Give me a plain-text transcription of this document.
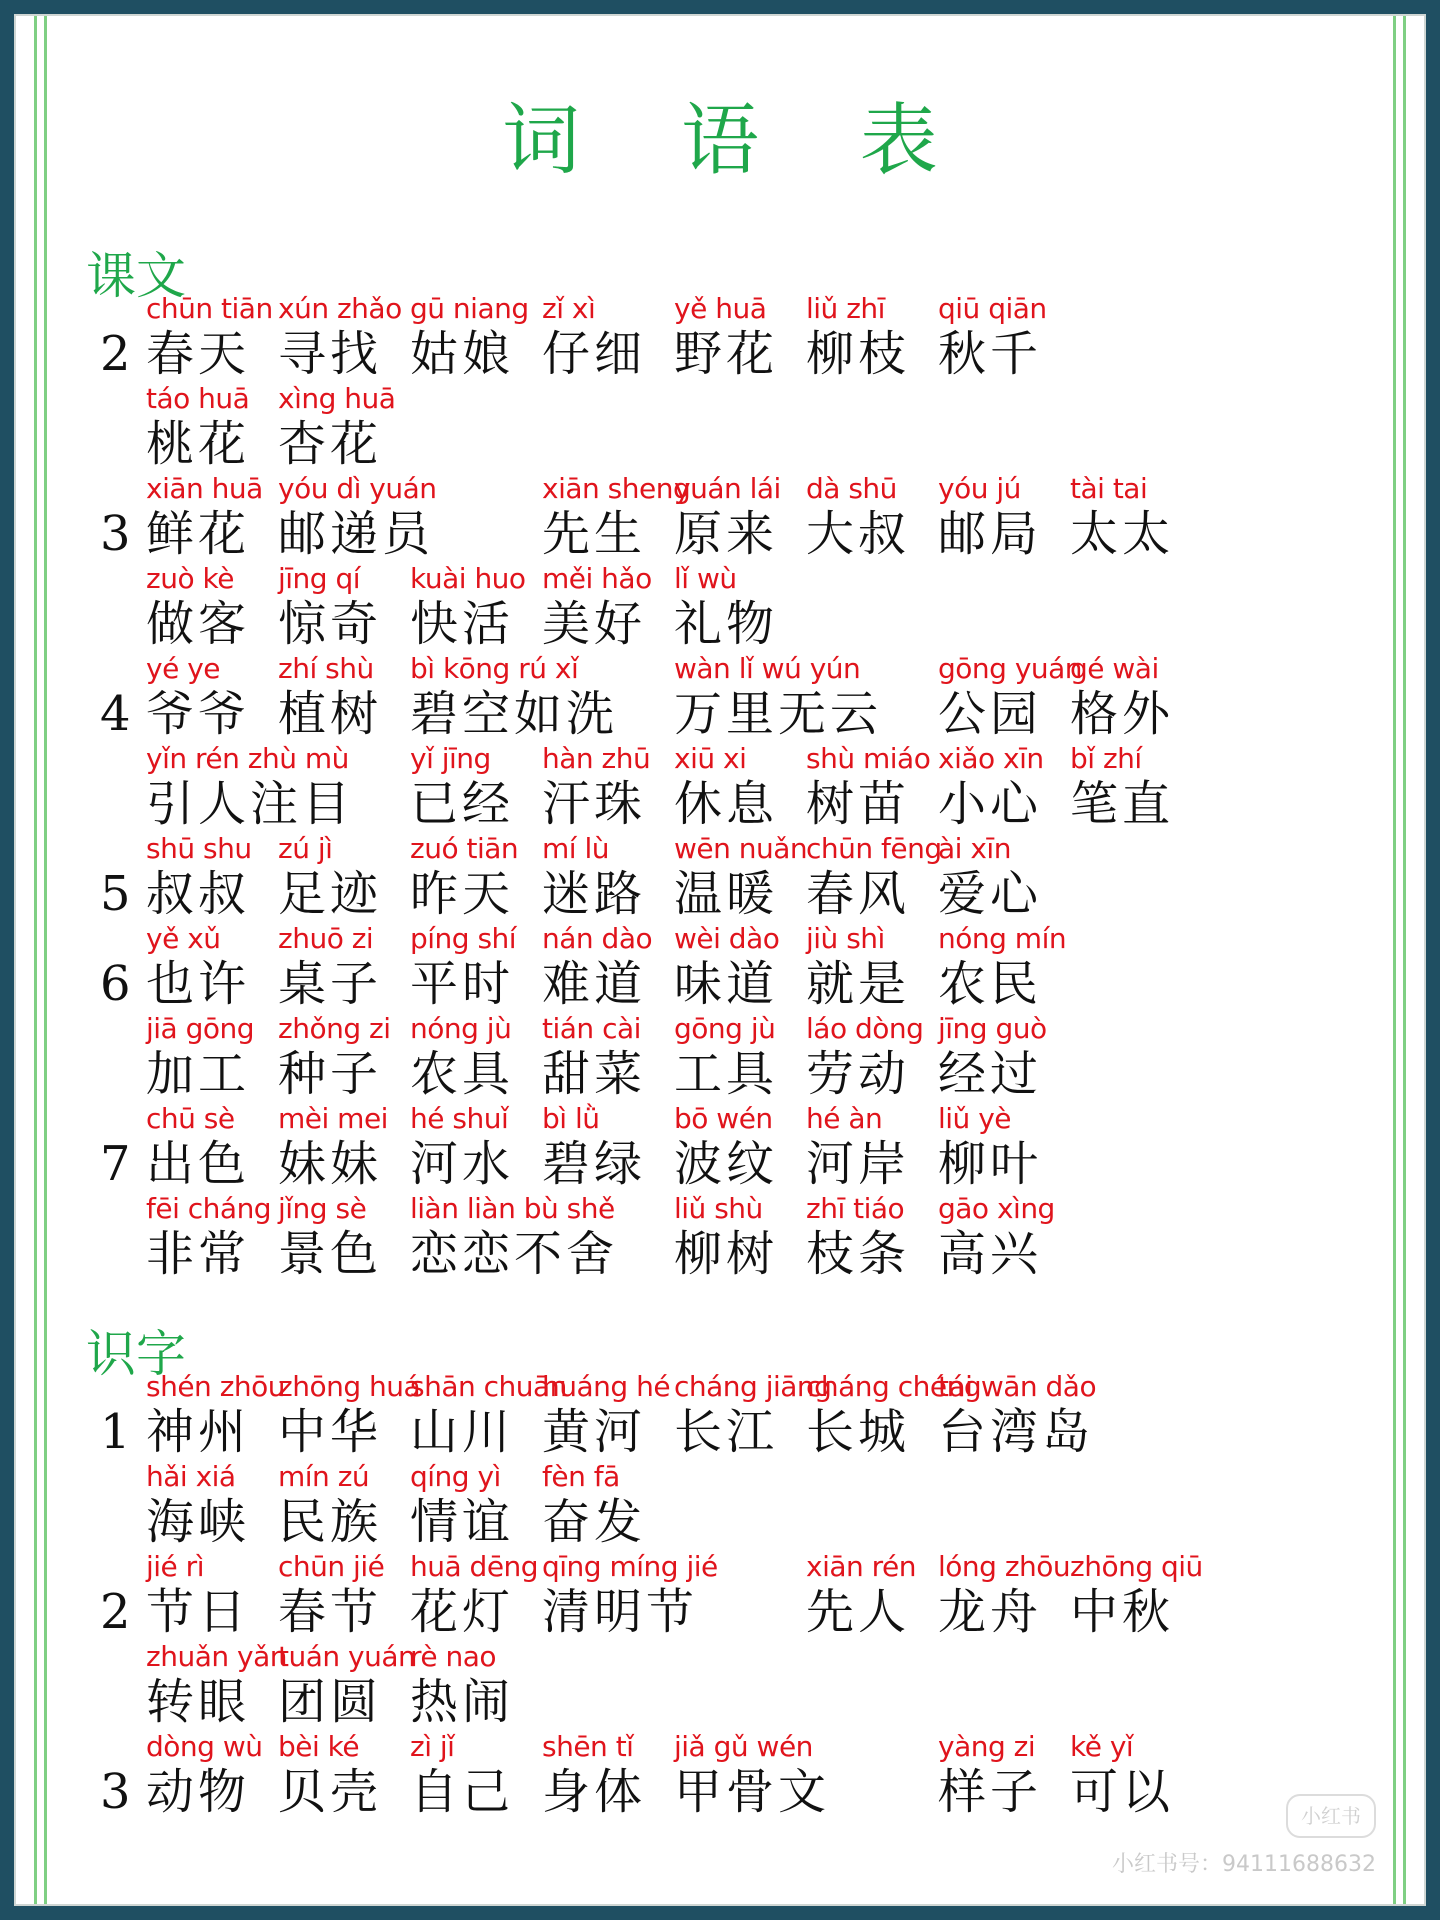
词 语 表
课文
2
chūn tiān
春天
xún zhǎo
寻找
gū niang
姑娘
zǐ xì
仔细
yě huā
野花
liǔ zhī
柳枝
qiū qiān
秋千
táo huā
桃花
xìng huā
杏花
3
xiān huā
鲜花
yóu dì yuán
邮递员
xiān sheng
先生
yuán lái
原来
dà shū
大叔
yóu jú
邮局
tài tai
太太
zuò kè
做客
jīng qí
惊奇
kuài huo
快活
měi hǎo
美好
lǐ wù
礼物
4
yé ye
爷爷
zhí shù
植树
bì kōng rú xǐ
碧空如洗
wàn lǐ wú yún
万里无云
gōng yuán
公园
gé wài
格外
yǐn rén zhù mù
引人注目
yǐ jīng
已经
hàn zhū
汗珠
xiū xi
休息
shù miáo
树苗
xiǎo xīn
小心
bǐ zhí
笔直
5
shū shu
叔叔
zú jì
足迹
zuó tiān
昨天
mí lù
迷路
wēn nuǎn
温暖
chūn fēng
春风
ài xīn
爱心
6
yě xǔ
也许
zhuō zi
桌子
píng shí
平时
nán dào
难道
wèi dào
味道
jiù shì
就是
nóng mín
农民
jiā gōng
加工
zhǒng zi
种子
nóng jù
农具
tián cài
甜菜
gōng jù
工具
láo dòng
劳动
jīng guò
经过
7
chū sè
出色
mèi mei
妹妹
hé shuǐ
河水
bì lǜ
碧绿
bō wén
波纹
hé àn
河岸
liǔ yè
柳叶
fēi cháng
非常
jǐng sè
景色
liàn liàn bù shě
恋恋不舍
liǔ shù
柳树
zhī tiáo
枝条
gāo xìng
高兴
识字
1
shén zhōu
神州
zhōng huá
中华
shān chuān
山川
huáng hé
黄河
cháng jiāng
长江
cháng chéng
长城
tái wān dǎo
台湾岛
hǎi xiá
海峡
mín zú
民族
qíng yì
情谊
fèn fā
奋发
2
jié rì
节日
chūn jié
春节
huā dēng
花灯
qīng míng jié
清明节
xiān rén
先人
lóng zhōu
龙舟
zhōng qiū
中秋
zhuǎn yǎn
转眼
tuán yuán
团圆
rè nao
热闹
3
dòng wù
动物
bèi ké
贝壳
zì jǐ
自己
shēn tǐ
身体
jiǎ gǔ wén
甲骨文
yàng zi
样子
kě yǐ
可以	小红书
小红书号：94111688632
